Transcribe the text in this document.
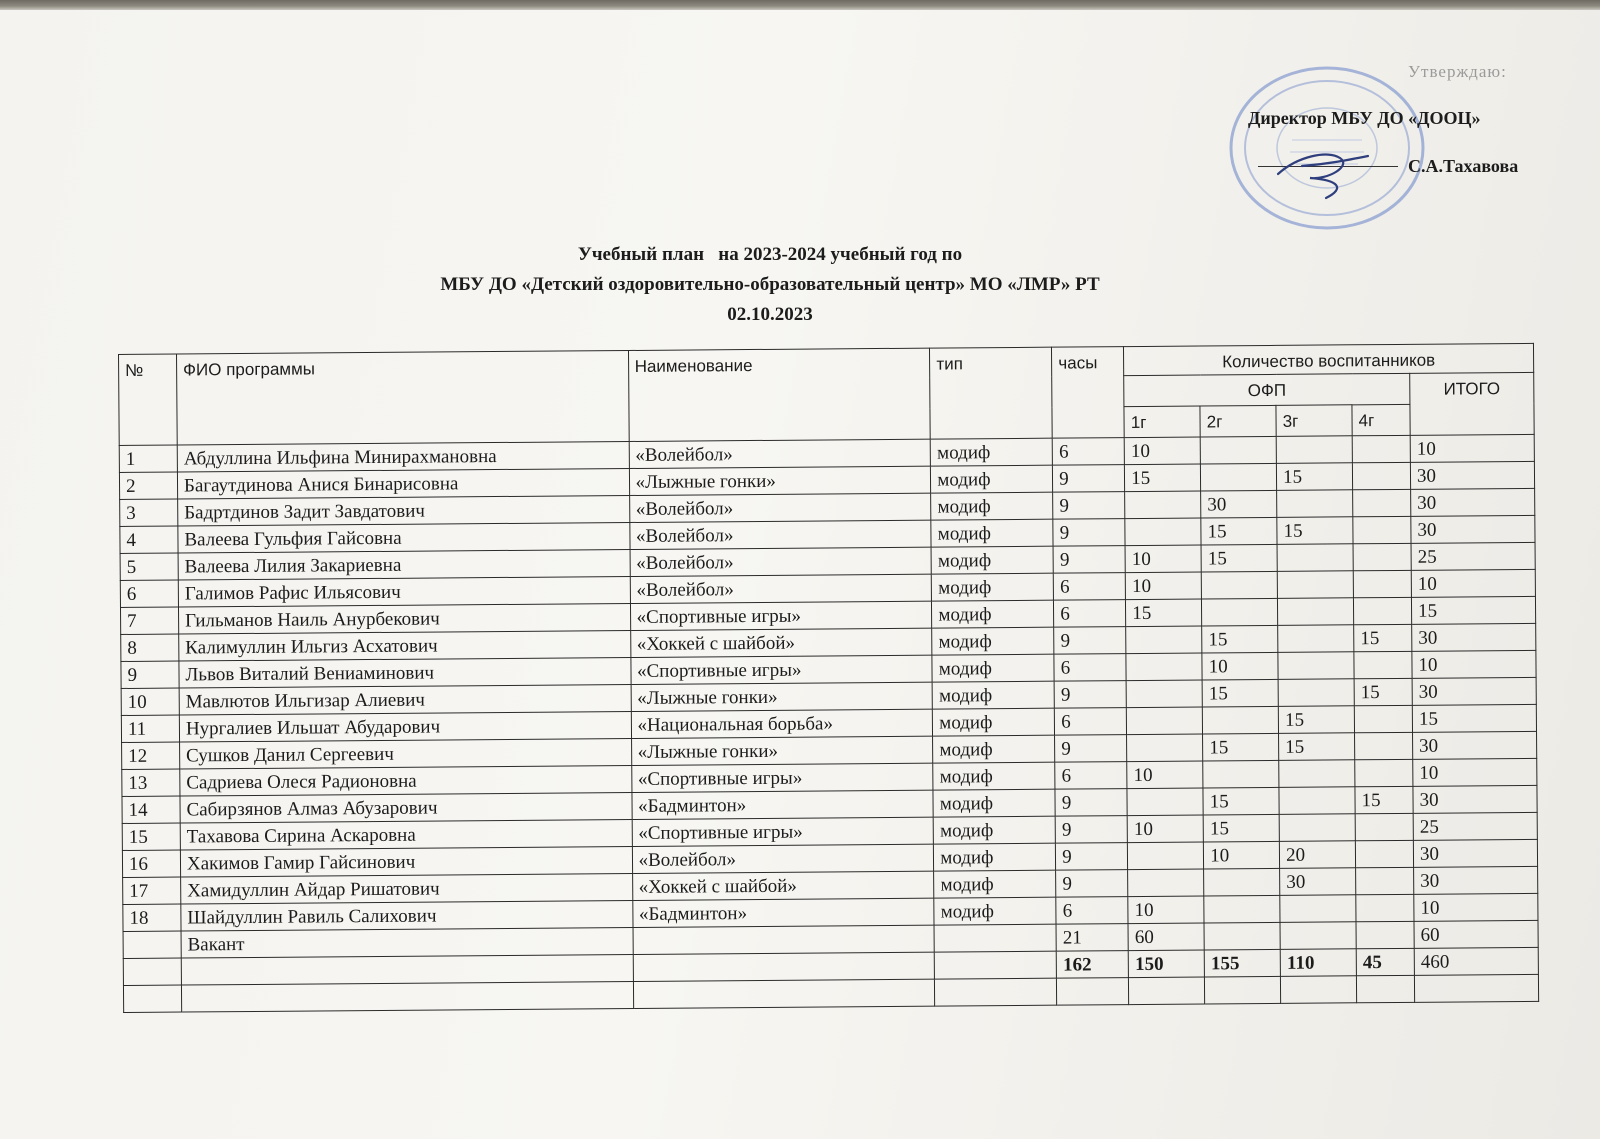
Утверждаю:
Директор МБУ ДО «ДООЦ»
С.А.Тахавова
Учебный план   на 2023-2024 учебный год по
МБУ ДО «Детский оздоровительно-образовательный центр» МО «ЛМР» РТ
02.10.2023
№	ФИО программы	Наименование	тип	часы	Количество воспитанников				
					ОФП				ИТОГО
					1г	2г	3г	4г	
1	Абдуллина Ильфина Минирахмановна	«Волейбол»	модиф	6	10				10
2	Багаутдинова Анися Бинарисовна	«Лыжные гонки»	модиф	9	15		15		30
3	Бадртдинов Задит Завдатович	«Волейбол»	модиф	9		30			30
4	Валеева Гульфия Гайсовна	«Волейбол»	модиф	9		15	15		30
5	Валеева Лилия Закариевна	«Волейбол»	модиф	9	10	15			25
6	Галимов Рафис Ильясович	«Волейбол»	модиф	6	10				10
7	Гильманов Наиль Анурбекович	«Спортивные игры»	модиф	6	15				15
8	Калимуллин Ильгиз Асхатович	«Хоккей с шайбой»	модиф	9		15		15	30
9	Львов Виталий Вениаминович	«Спортивные игры»	модиф	6		10			10
10	Мавлютов Ильгизар Алиевич	«Лыжные гонки»	модиф	9		15		15	30
11	Нургалиев Ильшат Абударович	«Национальная борьба»	модиф	6			15		15
12	Сушков Данил Сергеевич	«Лыжные гонки»	модиф	9		15	15		30
13	Садриева Олеся Радионовна	«Спортивные игры»	модиф	6	10				10
14	Сабирзянов Алмаз Абузарович	«Бадминтон»	модиф	9		15		15	30
15	Тахавова Сирина Аскаровна	«Спортивные игры»	модиф	9	10	15			25
16	Хакимов Гамир Гайсинович	«Волейбол»	модиф	9		10	20		30
17	Хамидуллин Айдар Ришатович	«Хоккей с шайбой»	модиф	9			30		30
18	Шайдуллин Равиль Салихович	«Бадминтон»	модиф	6	10				10
	Вакант			21	60				60
				162	150	155	110	45	460
